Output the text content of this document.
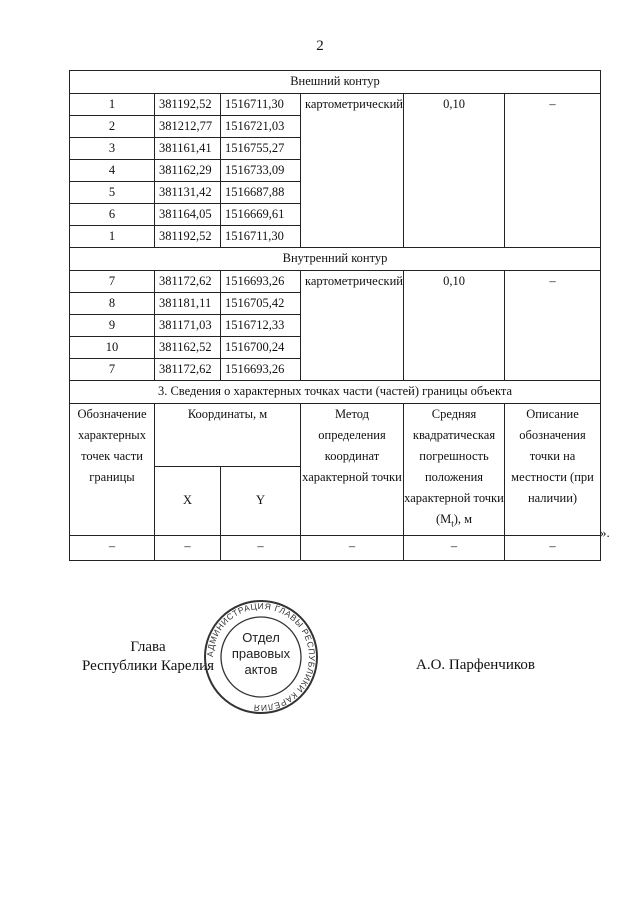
2
Внешний контур					
1	381192,52	1516711,30	картометрический	0,10	–
2	381212,77	1516721,03			
3	381161,41	1516755,27			
4	381162,29	1516733,09			
5	381131,42	1516687,88			
6	381164,05	1516669,61			
1	381192,52	1516711,30			
Внутренний контур					
7	381172,62	1516693,26	картометрический	0,10	–
8	381181,11	1516705,42			
9	381171,03	1516712,33			
10	381162,52	1516700,24			
7	381172,62	1516693,26			
3. Сведения о характерных точках части (частей) границы объекта					
Обозначение характерных точек части границы	Координаты, м		Метод определения координат характерной точки	Средняя квадратическая погрешность положения характерной точки $(M_t)$, м	Описание обозначения точки на местности (при наличии)
	X	Y			
–	–	–	–	–	–
».
Глава
Республики Карелия
АДМИНИСТРАЦИЯ ГЛАВЫ РЕСПУБЛИКИ КАРЕЛИЯ
Отдел
правовых
актов	А.О. Парфенчиков
